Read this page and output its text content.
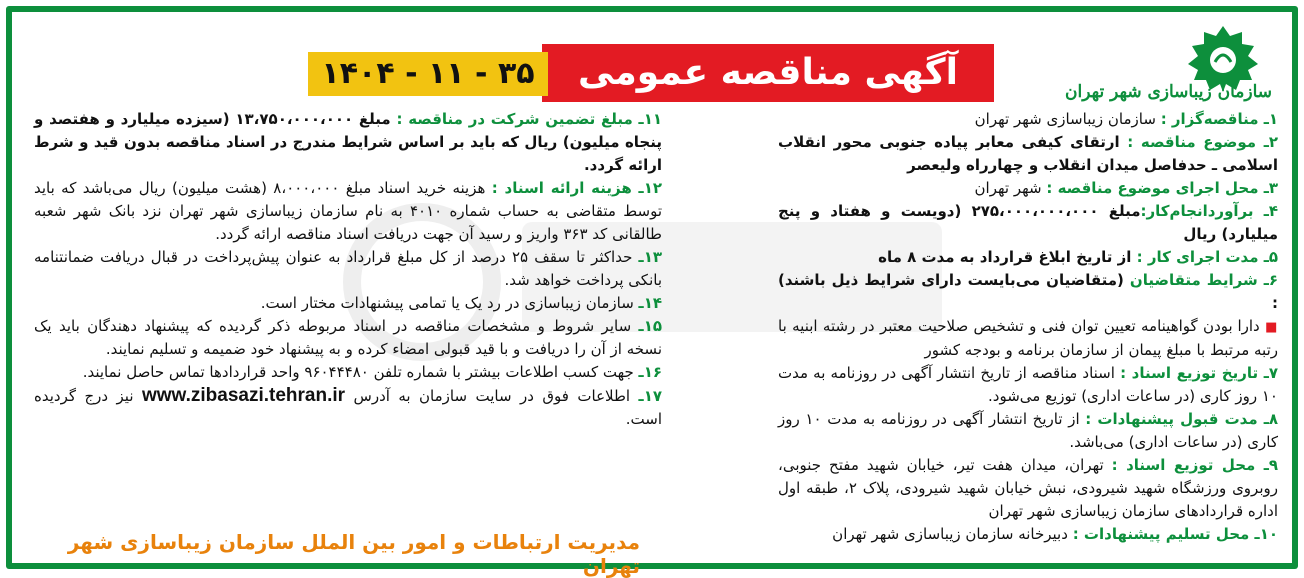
سازمان زیباسازی شهر تهران
آگهی مناقصه عمومی
۱۴۰۴ - ۱۱ - ۳۵
۱ـ مناقصه‌گزار : سازمان زیباسازی شهر تهران
۲ـ موضوع مناقصه : ارتقای کیفی معابر پیاده جنوبی محور انقلاب اسلامی ـ حدفاصل میدان انقلاب و چهارراه ولیعصر
۳ـ محل اجرای موضوع مناقصه : شهر تهران
۴ـ برآوردانجام‌کار:مبلغ ۲۷۵،۰۰۰،۰۰۰،۰۰۰ (دویست و هفتاد و پنج میلیارد) ریال
۵ـ مدت اجرای کار : از تاریخ ابلاغ قرارداد به مدت ۸ ماه
۶ـ شرایط متقاضیان (متقاضیان می‌بایست دارای شرایط ذیل باشند) :
■ دارا بودن گواهینامه تعیین توان فنی و تشخیص صلاحیت معتبر در رشته ابنیه با رتبه مرتبط با مبلغ پیمان از سازمان برنامه و بودجه کشور
۷ـ تاریخ توزیع اسناد : اسناد مناقصه از تاریخ انتشار آگهی در روزنامه به مدت ۱۰ روز کاری (در ساعات اداری) توزیع می‌شود.
۸ـ مدت قبول پیشنهادات : از تاریخ انتشار آگهی در روزنامه به مدت ۱۰ روز کاری (در ساعات اداری) می‌باشد.
۹ـ محل توزیع اسناد : تهران، میدان هفت تیر، خیابان شهید مفتح جنوبی، روبروی ورزشگاه شهید شیرودی، نبش خیابان شهید شیرودی، پلاک ۲، طبقه اول اداره قراردادهای سازمان زیباسازی شهر تهران
۱۰ـ محل تسلیم پیشنهادات : دبیرخانه سازمان زیباسازی شهر تهران
۱۱ـ مبلغ تضمین شرکت در مناقصه : مبلغ ۱۳،۷۵۰،۰۰۰،۰۰۰ (سیزده میلیارد و هفتصد و پنجاه میلیون) ریال که باید بر اساس شرایط مندرج در اسناد مناقصه بدون قید و شرط ارائه گردد.
۱۲ـ هزینه ارائه اسناد : هزینه خرید اسناد مبلغ ۸،۰۰۰،۰۰۰ (هشت میلیون) ریال می‌باشد که باید توسط متقاضی به حساب شماره ۴۰۱۰ به نام سازمان زیباسازی شهر تهران نزد بانک شهر شعبه طالقانی کد ۳۶۳ واریز و رسید آن جهت دریافت اسناد مناقصه ارائه گردد.
۱۳ـ حداکثر تا سقف ۲۵ درصد از کل مبلغ قرارداد به عنوان پیش‌پرداخت در قبال دریافت ضمانتنامه بانکی پرداخت خواهد شد.
۱۴ـ سازمان زیباسازی در رد یک یا تمامی پیشنهادات مختار است.
۱۵ـ سایر شروط و مشخصات مناقصه در اسناد مربوطه ذکر گردیده که پیشنهاد دهندگان باید یک نسخه از آن را دریافت و با قید قبولی امضاء کرده و به پیشنهاد خود ضمیمه و تسلیم نمایند.
۱۶ـ جهت کسب اطلاعات بیشتر با شماره تلفن ۹۶۰۴۴۴۸۰ واحد قراردادها تماس حاصل نمایند.
۱۷ـ اطلاعات فوق در سایت سازمان به آدرس www.zibasazi.tehran.ir نیز درج گردیده است.
مدیریت ارتباطات و امور بین الملل سازمان زیباسازی شهر تهران
